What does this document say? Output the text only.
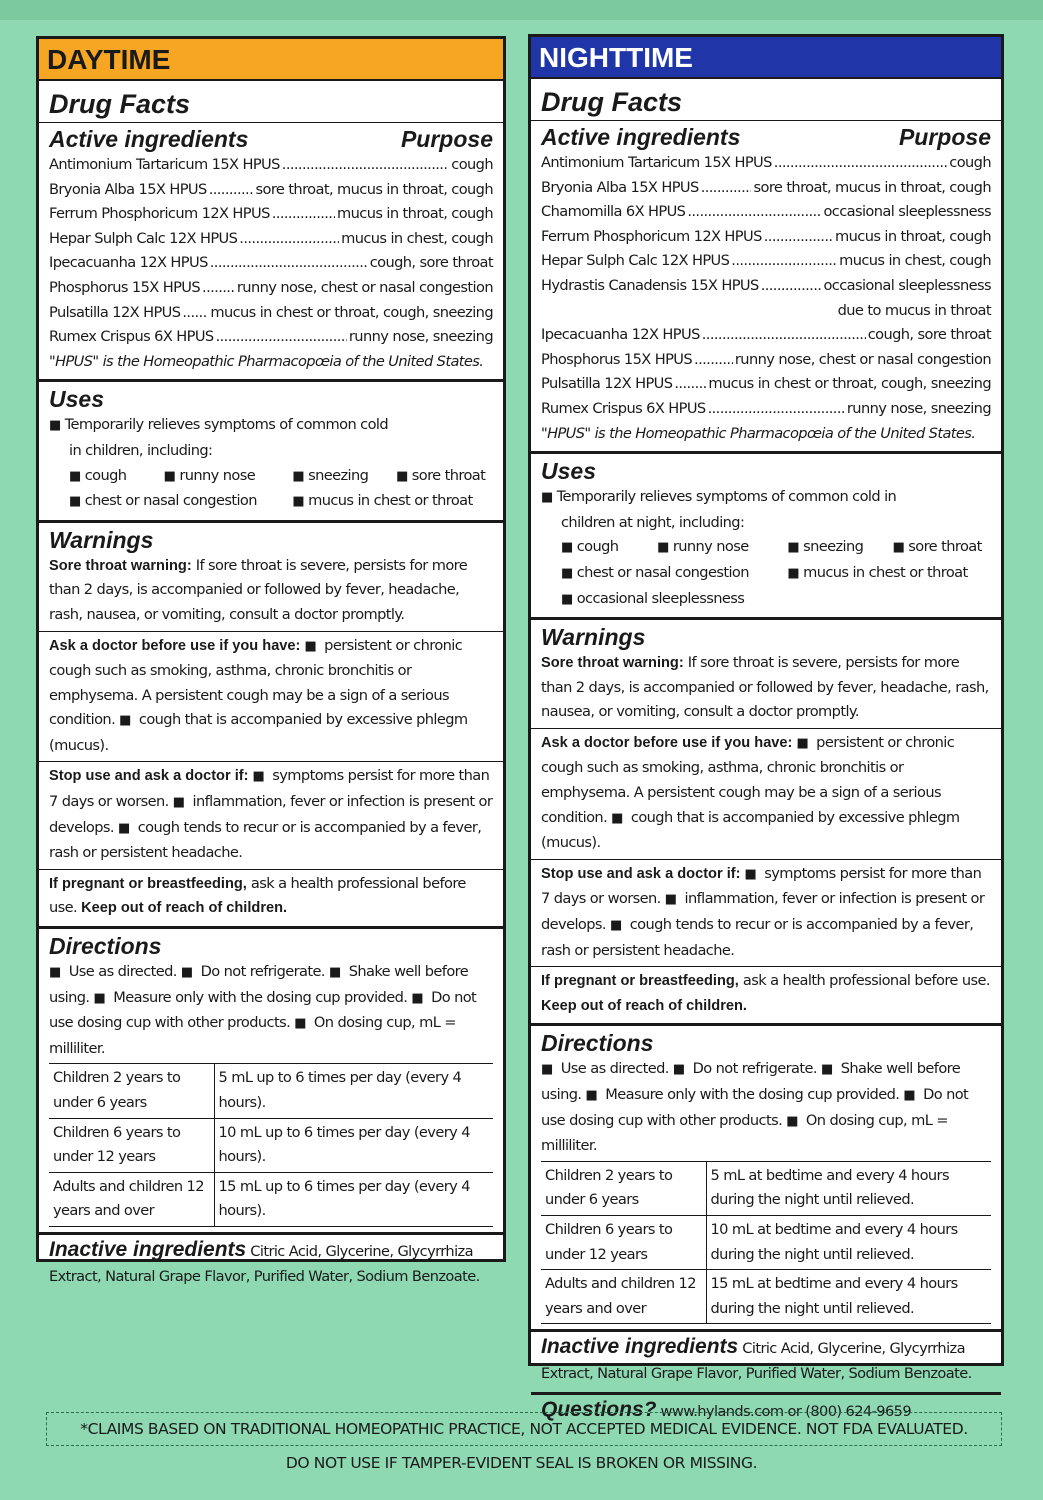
DAYTIME
Drug Facts
Active ingredients	Purpose
Antimonium Tartaricum 15X HPUS .....	cough
Bryonia Alba 15X HPUS .....	sore throat, mucus in throat, cough
Ferrum Phosphoricum 12X HPUS .....	mucus in throat, cough
Hepar Sulph Calc 12X HPUS .....	mucus in chest, cough
Ipecacuanha 12X HPUS .....	cough, sore throat
Phosphorus 15X HPUS .....	runny nose, chest or nasal congestion
Pulsatilla 12X HPUS ..... mucus in chest or throat, cough, sneezing
Rumex Crispus 6X HPUS .....	runny nose, sneezing
"HPUS" is the Homeopathic Pharmacopœia of the United States.
Uses
■ Temporarily relieves symptoms of common cold
in children, including:
■ cough ■	runny nose ■	sneezing ■	sore throat
■ chest or nasal congestion ■	mucus in chest or throat
Warnings
Sore throat warning: If sore throat is severe, persists for more than 2 days, is accompanied or followed by fever, headache, rash, nausea, or vomiting, consult a doctor promptly.
Ask a doctor before use if you have: ■ persistent or chronic cough such as smoking, asthma, chronic bronchitis or emphysema. A persistent cough may be a sign of a serious condition. ■ cough that is accompanied by excessive phlegm (mucus).
Stop use and ask a doctor if: ■ symptoms persist for more than 7 days or worsen. ■ inflammation, fever or infection is present or develops. ■ cough tends to recur or is accompanied by a fever, rash or persistent headache.
If pregnant or breastfeeding, ask a health professional before use. Keep out of reach of children.
Directions
■ Use as directed. ■ Do not refrigerate. ■ Shake well before using. ■ Measure only with the dosing cup provided. ■ Do not use dosing cup with other products. ■ On dosing cup, mL = milliliter.
Children 2 years to under 6 years	5 mL up to 6 times per day (every 4 hours).
Children 6 years to under 12 years	10 mL up to 6 times per day (every 4 hours).
Adults and children 12 years and over	15 mL up to 6 times per day (every 4 hours).
Inactive ingredients Citric Acid, Glycerine, Glycyrrhiza Extract, Natural Grape Flavor, Purified Water, Sodium Benzoate.
NIGHTTIME
Drug Facts
Active ingredients	Purpose
Antimonium Tartaricum 15X HPUS .....	cough
Bryonia Alba 15X HPUS .....	sore throat, mucus in throat, cough
Chamomilla 6X HPUS .....	occasional sleeplessness
Ferrum Phosphoricum 12X HPUS .....	mucus in throat, cough
Hepar Sulph Calc 12X HPUS .....	mucus in chest, cough
Hydrastis Canadensis 15X HPUS .....	occasional sleeplessness
due to mucus in throat
Ipecacuanha 12X HPUS .....	cough, sore throat
Phosphorus 15X HPUS .....	runny nose, chest or nasal congestion
Pulsatilla 12X HPUS ..... mucus in chest or throat, cough, sneezing
Rumex Crispus 6X HPUS .....	runny nose, sneezing
"HPUS" is the Homeopathic Pharmacopœia of the United States.
Uses
■ Temporarily relieves symptoms of common cold in
children at night, including:
■ cough ■	runny nose ■	sneezing ■	sore throat
■ chest or nasal congestion ■	mucus in chest or throat
■ occasional sleeplessness
Warnings
Sore throat warning: If sore throat is severe, persists for more than 2 days, is accompanied or followed by fever, headache, rash, nausea, or vomiting, consult a doctor promptly.
Ask a doctor before use if you have: ■ persistent or chronic cough such as smoking, asthma, chronic bronchitis or emphysema. A persistent cough may be a sign of a serious condition. ■ cough that is accompanied by excessive phlegm (mucus).
Stop use and ask a doctor if: ■ symptoms persist for more than 7 days or worsen. ■ inflammation, fever or infection is present or develops. ■ cough tends to recur or is accompanied by a fever, rash or persistent headache.
If pregnant or breastfeeding, ask a health professional before use. Keep out of reach of children.
Directions
■ Use as directed. ■ Do not refrigerate. ■ Shake well before using. ■ Measure only with the dosing cup provided. ■ Do not use dosing cup with other products. ■ On dosing cup, mL = milliliter.
Children 2 years to under 6 years	5 mL at bedtime and every 4 hours during the night until relieved.
Children 6 years to under 12 years	10 mL at bedtime and every 4 hours during the night until relieved.
Adults and children 12 years and over	15 mL at bedtime and every 4 hours during the night until relieved.
Inactive ingredients Citric Acid, Glycerine, Glycyrrhiza Extract, Natural Grape Flavor, Purified Water, Sodium Benzoate.
Questions? www.hylands.com or (800) 624-9659
*CLAIMS BASED ON TRADITIONAL HOMEOPATHIC PRACTICE, NOT ACCEPTED MEDICAL EVIDENCE. NOT FDA EVALUATED.
DO NOT USE IF TAMPER-EVIDENT SEAL IS BROKEN OR MISSING.
